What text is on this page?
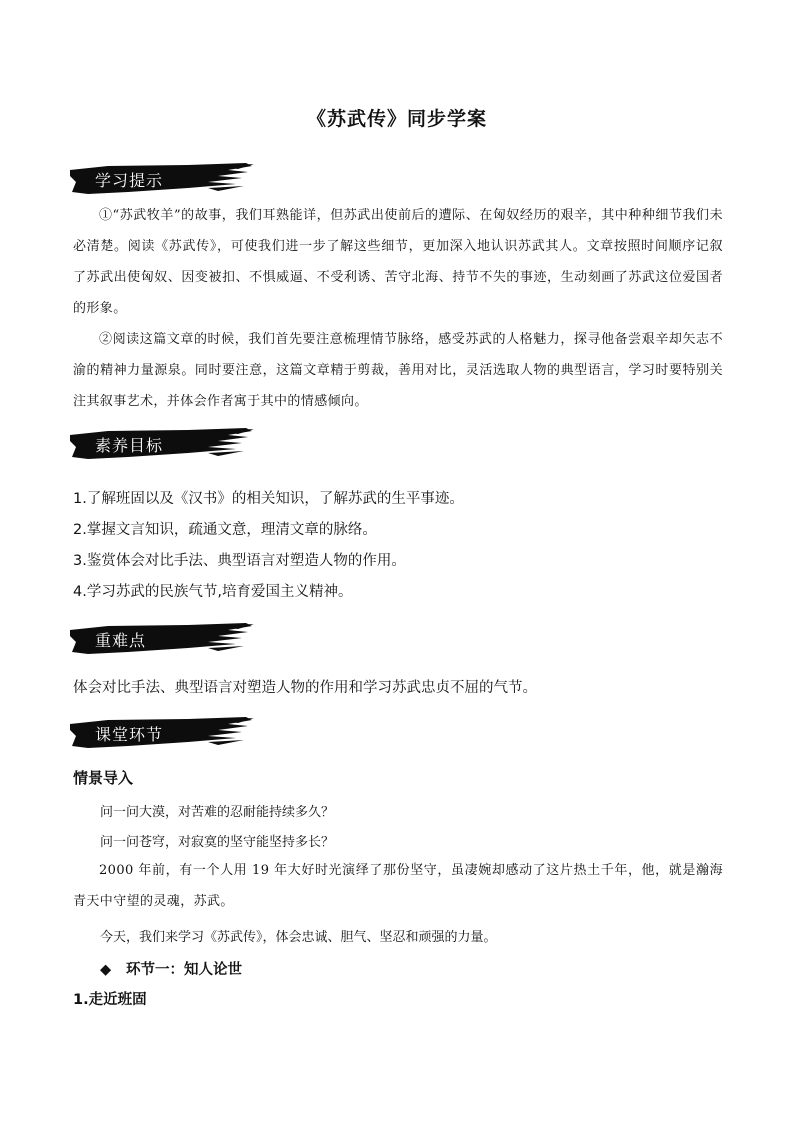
《苏武传》同步学案
学习提示
①“苏武牧羊”的故事，我们耳熟能详，但苏武出使前后的遭际、在匈奴经历的艰辛，其中种种细节我们未必清楚。阅读《苏武传》，可使我们进一步了解这些细节，更加深入地认识苏武其人。文章按照时间顺序记叙了苏武出使匈奴、因变被扣、不惧威逼、不受利诱、苦守北海、持节不失的事迹，生动刻画了苏武这位爱国者的形象。
②阅读这篇文章的时候，我们首先要注意梳理情节脉络，感受苏武的人格魅力，探寻他备尝艰辛却矢志不渝的精神力量源泉。同时要注意，这篇文章精于剪裁，善用对比，灵活选取人物的典型语言，学习时要特别关注其叙事艺术，并体会作者寓于其中的情感倾向。
素养目标
1.了解班固以及《汉书》的相关知识，了解苏武的生平事迹。
2.掌握文言知识，疏通文意，理清文章的脉络。
3.鉴赏体会对比手法、典型语言对塑造人物的作用。
4.学习苏武的民族气节,培育爱国主义精神。
重难点
体会对比手法、典型语言对塑造人物的作用和学习苏武忠贞不屈的气节。
课堂环节
情景导入
问一问大漠，对苦难的忍耐能持续多久？
问一问苍穹，对寂寞的坚守能坚持多长？
2000 年前，有一个人用 19 年大好时光演绎了那份坚守，虽凄婉却感动了这片热土千年，他，就是瀚海青天中守望的灵魂，苏武。
今天，我们来学习《苏武传》，体会忠诚、胆气、坚忍和顽强的力量。
◆ 环节一：知人论世
1.走近班固
